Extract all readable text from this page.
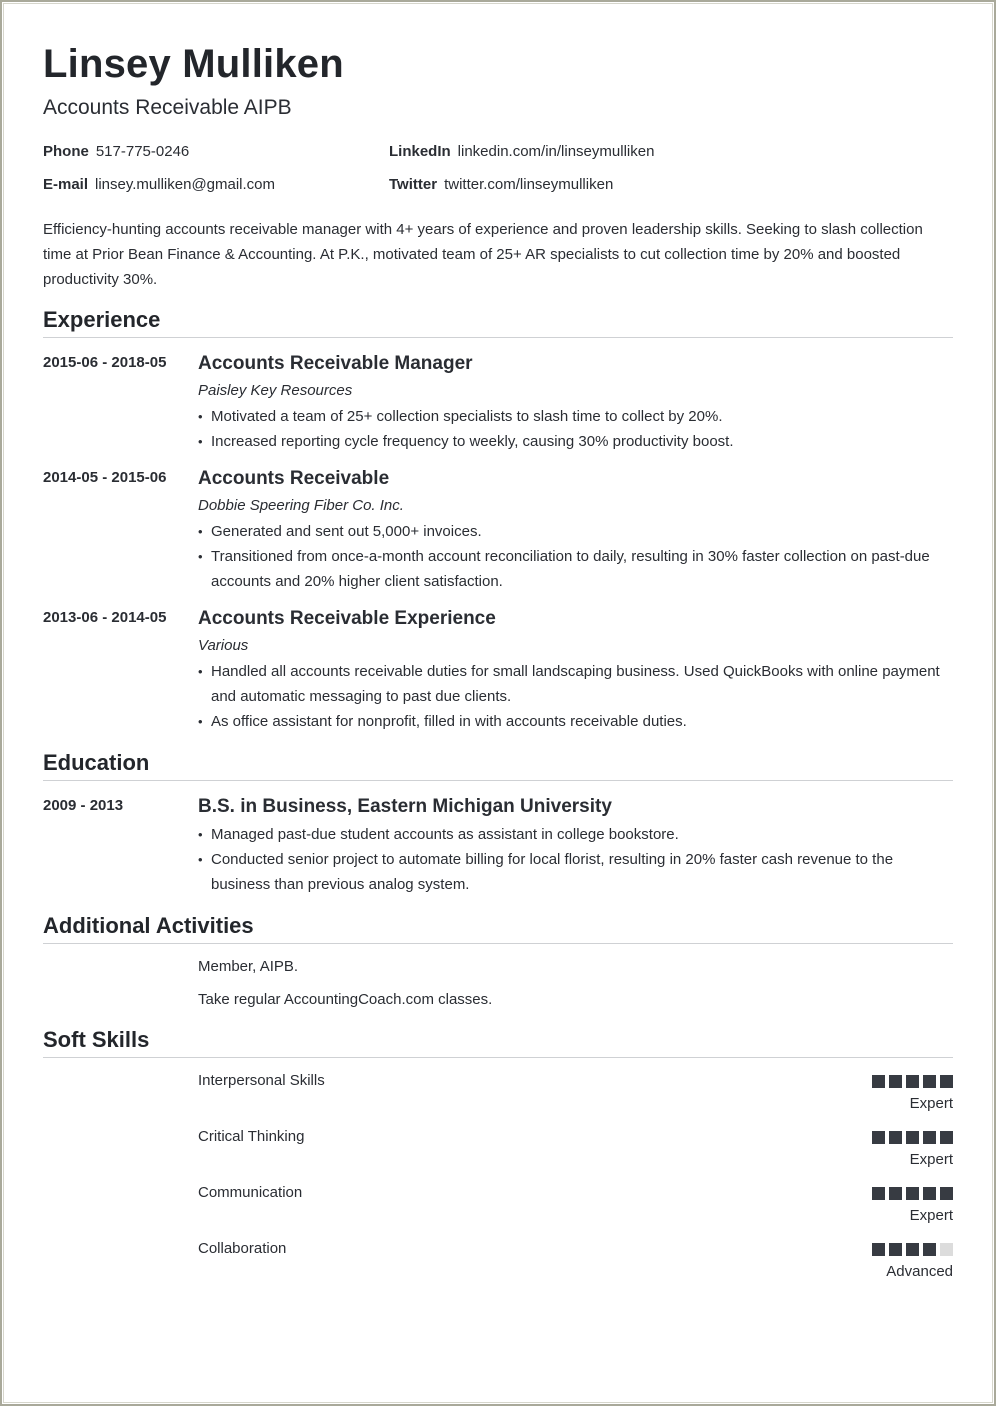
Linsey Mulliken
Accounts Receivable AIPB
Phone 517-775-0246	LinkedIn linkedin.com/in/linseymulliken
E-mail linsey.mulliken@gmail.com	Twitter twitter.com/linseymulliken
Efficiency-hunting accounts receivable manager with 4+ years of experience and proven leadership skills. Seeking to slash collection time at Prior Bean Finance & Accounting. At P.K., motivated team of 25+ AR specialists to cut collection time by 20% and boosted productivity 30%.
Experience
2015-06 - 2018-05 Accounts Receivable Manager
Paisley Key Resources
• Motivated a team of 25+ collection specialists to slash time to collect by 20%.
• Increased reporting cycle frequency to weekly, causing 30% productivity boost.
2014-05 - 2015-06 Accounts Receivable
Dobbie Speering Fiber Co. Inc.
• Generated and sent out 5,000+ invoices.
• Transitioned from once-a-month account reconciliation to daily, resulting in 30% faster collection on past-due accounts and 20% higher client satisfaction.
2013-06 - 2014-05 Accounts Receivable Experience
Various
• Handled all accounts receivable duties for small landscaping business. Used QuickBooks with online payment and automatic messaging to past due clients.
• As office assistant for nonprofit, filled in with accounts receivable duties.
Education
2009 - 2013	B.S. in Business, Eastern Michigan University
• Managed past-due student accounts as assistant in college bookstore.
• Conducted senior project to automate billing for local florist, resulting in 20% faster cash revenue to the business than previous analog system.
Additional Activities
Member, AIPB.
Take regular AccountingCoach.com classes.
Soft Skills
Interpersonal Skills
Expert
Critical Thinking
Expert
Communication
Expert
Collaboration
Advanced
